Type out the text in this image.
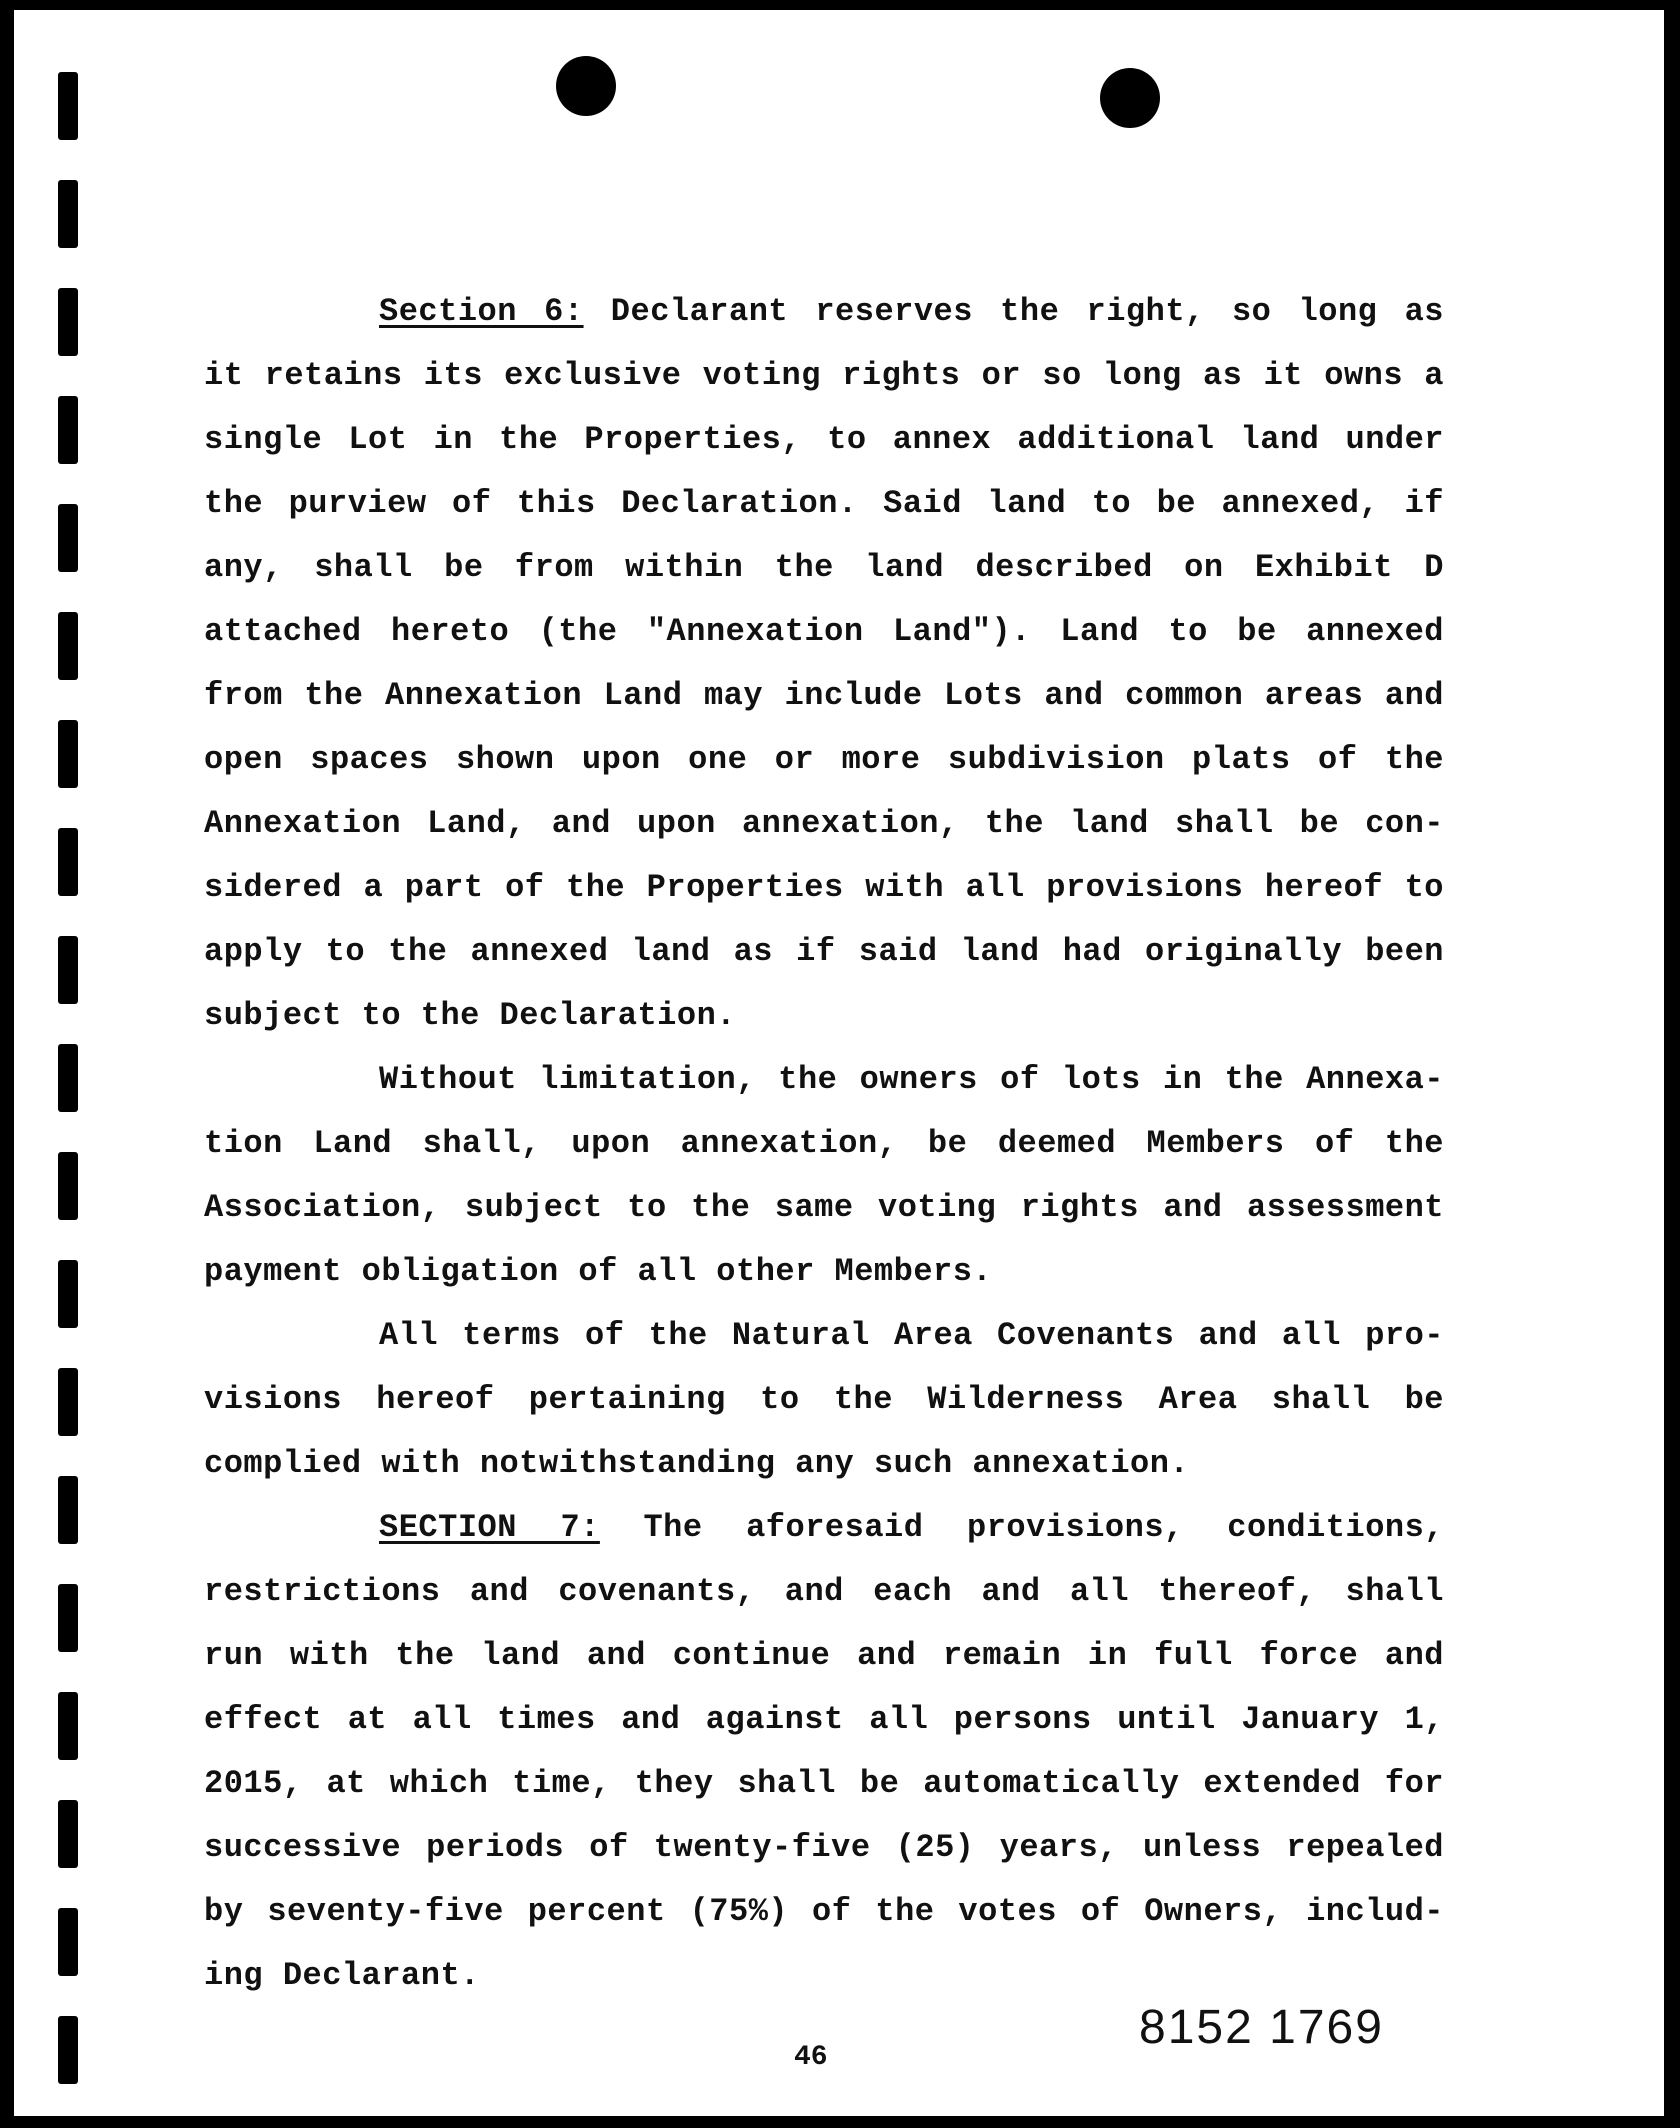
Section 6: Declarant reserves the right, so long as
it retains its exclusive voting rights or so long as it owns a
single Lot in the Properties, to annex additional land under
the purview of this Declaration. Said land to be annexed, if
any, shall be from within the land described on Exhibit D
attached hereto (the "Annexation Land"). Land to be annexed
from the Annexation Land may include Lots and common areas and
open spaces shown upon one or more subdivision plats of the
Annexation Land, and upon annexation, the land shall be con-
sidered a part of the Properties with all provisions hereof to
apply to the annexed land as if said land had originally been
subject to the Declaration.
Without limitation, the owners of lots in the Annexa-
tion Land shall, upon annexation, be deemed Members of the
Association, subject to the same voting rights and assessment
payment obligation of all other Members.
All terms of the Natural Area Covenants and all pro-
visions hereof pertaining to the Wilderness Area shall be
complied with notwithstanding any such annexation.
SECTION 7: The aforesaid provisions, conditions,
restrictions and covenants, and each and all thereof, shall
run with the land and continue and remain in full force and
effect at all times and against all persons until January 1,
2015, at which time, they shall be automatically extended for
successive periods of twenty-five (25) years, unless repealed
by seventy-five percent (75%) of the votes of Owners, includ-
ing Declarant.
8152 1769
46
